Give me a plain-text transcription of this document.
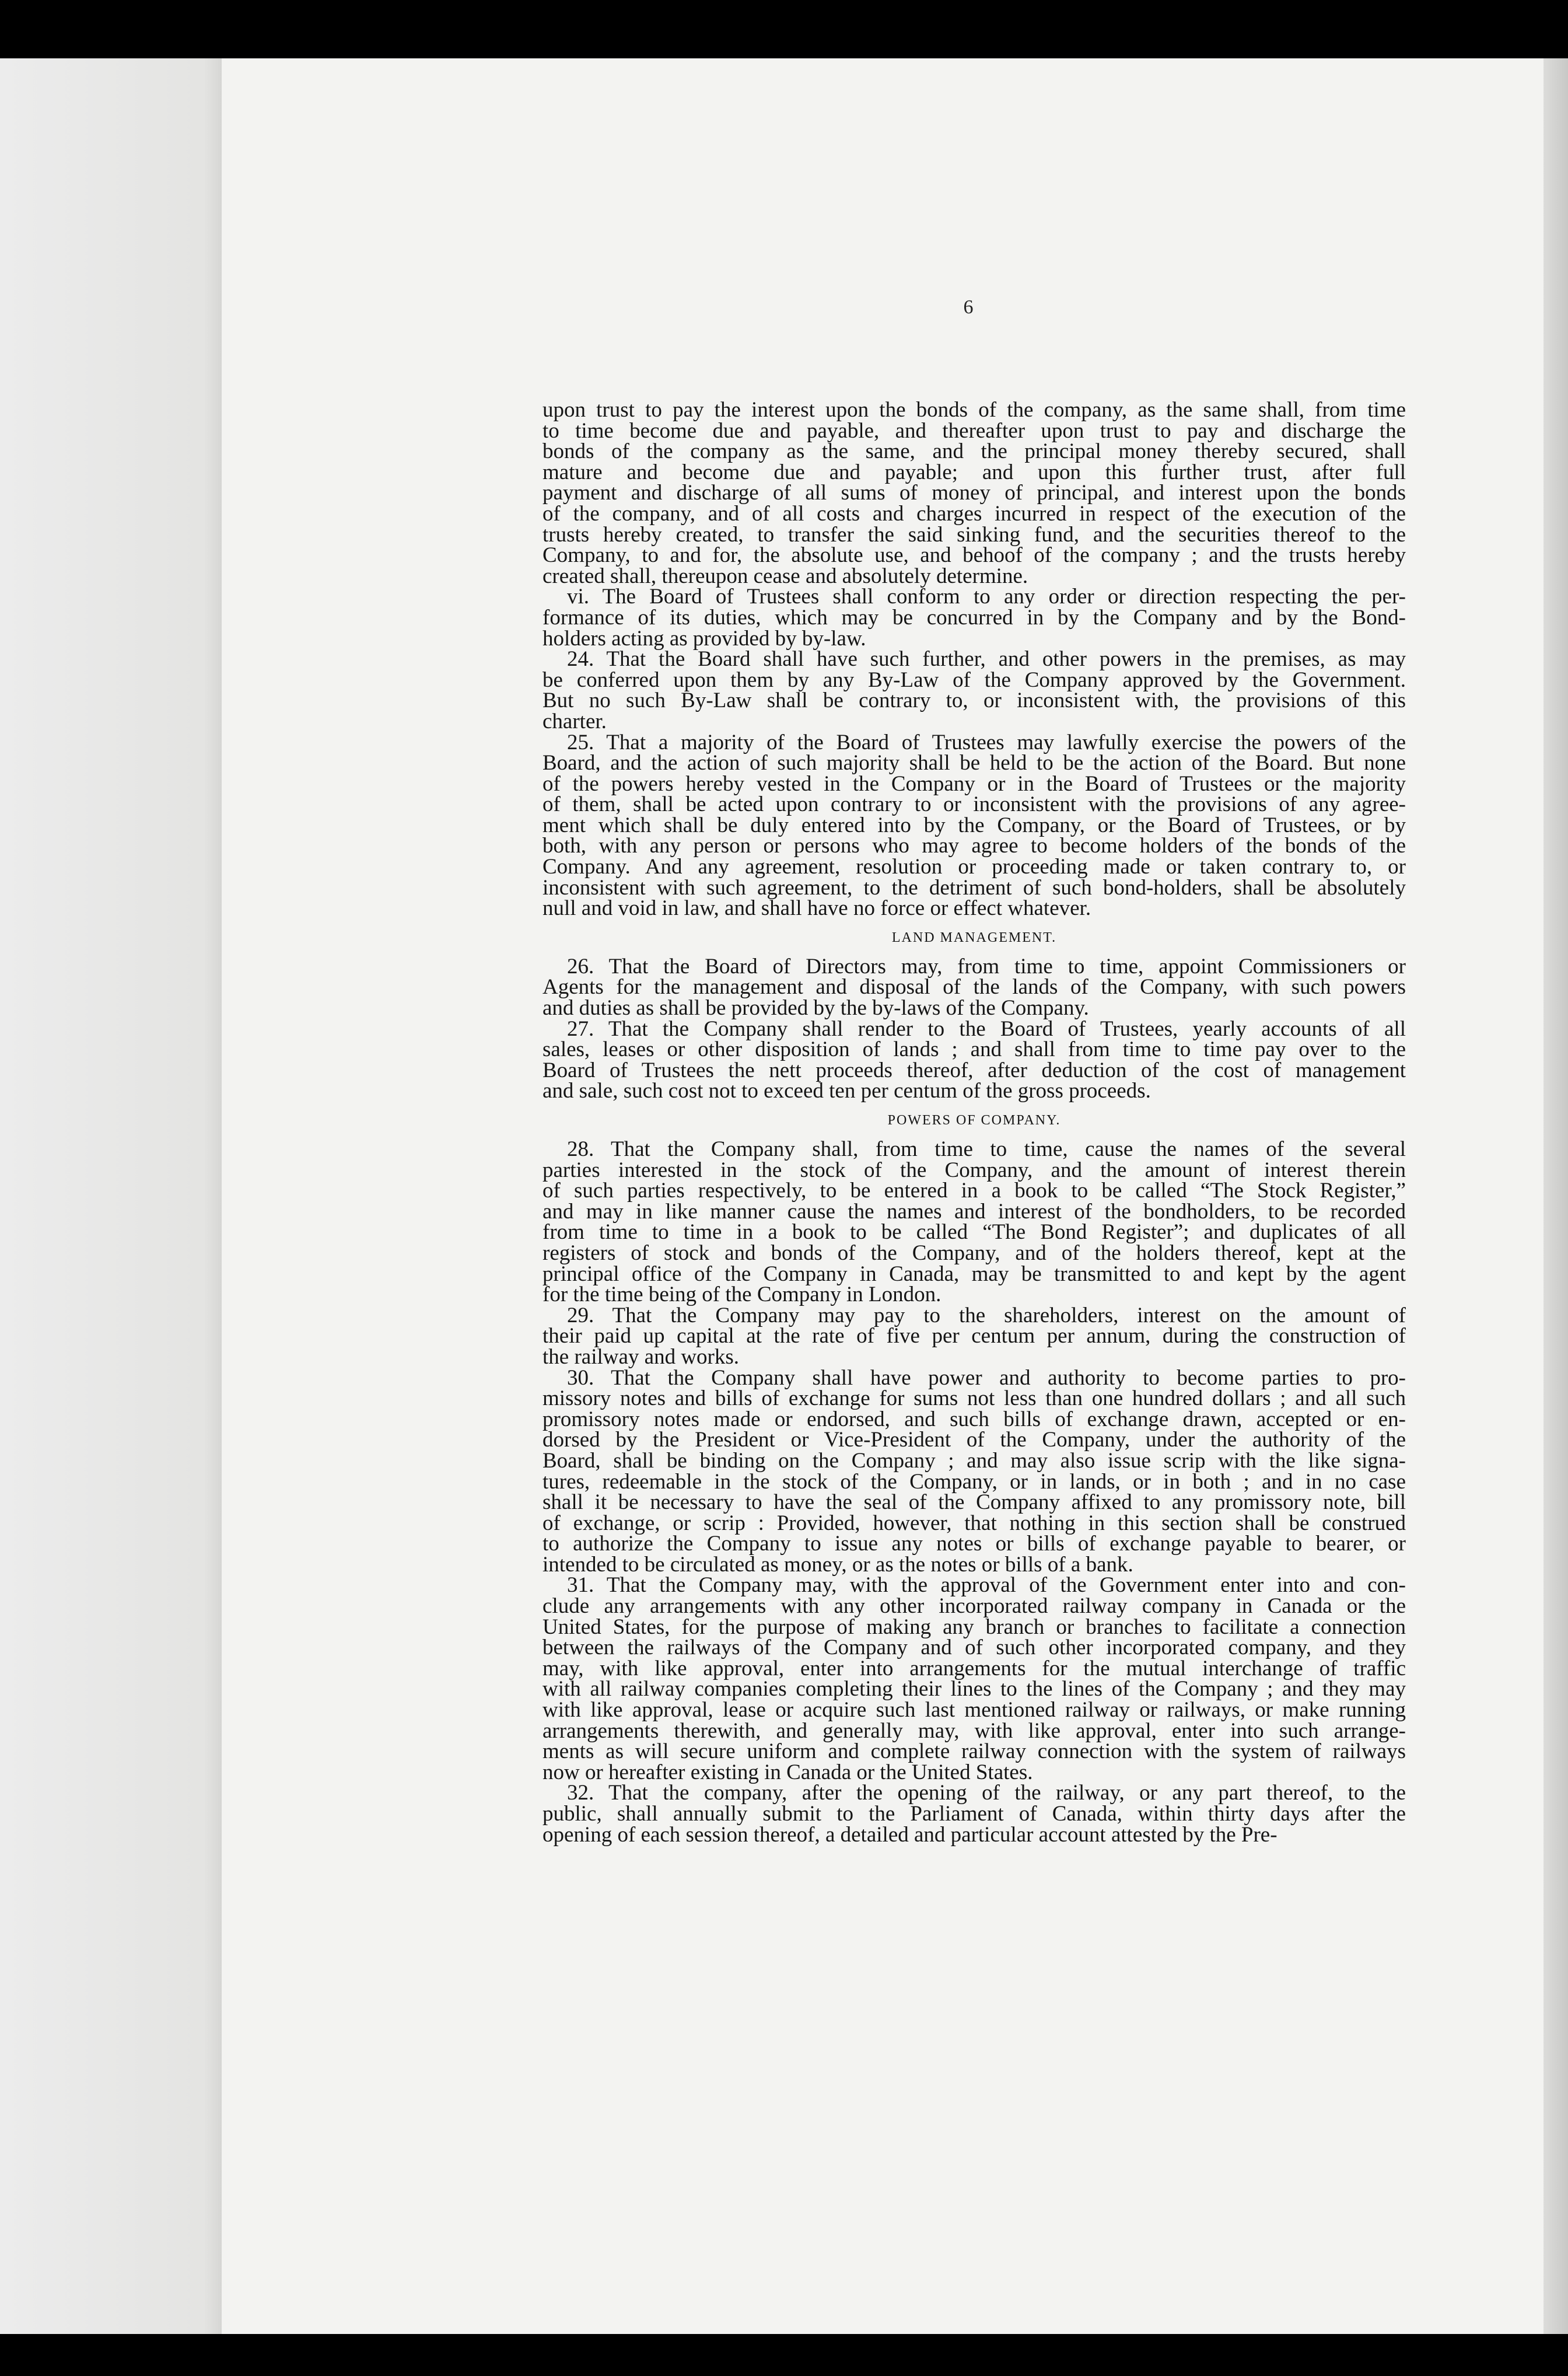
6

upon trust to pay the interest upon the bonds of the company, as the same shall, from time

to time become due and payable, and thereafter upon trust to pay and discharge the

bonds of the company as the same, and the principal money thereby secured, shall

mature and become due and payable; and upon this further trust, after full

payment and discharge of all sums of money of principal, and interest upon the bonds

of the company, and of all costs and charges incurred in respect of the execution of the

trusts hereby created, to transfer the said sinking fund, and the securities thereof to the

Company, to and for, the absolute use, and behoof of the company ; and the trusts hereby

created shall, thereupon cease and absolutely determine.

vi. The Board of Trustees shall conform to any order or direction respecting the per-

formance of its duties, which may be concurred in by the Company and by the Bond-

holders acting as provided by by-law.

24. That the Board shall have such further, and other powers in the premises, as may

be conferred upon them by any By-Law of the Company approved by the Government.

But no such By-Law shall be contrary to, or inconsistent with, the provisions of this

charter.

25. That a majority of the Board of Trustees may lawfully exercise the powers of the

Board, and the action of such majority shall be held to be the action of the Board. But none

of the powers hereby vested in the Company or in the Board of Trustees or the majority

of them, shall be acted upon contrary to or inconsistent with the provisions of any agree-

ment which shall be duly entered into by the Company, or the Board of Trustees, or by

both, with any person or persons who may agree to become holders of the bonds of the

Company. And any agreement, resolution or proceeding made or taken contrary to, or

inconsistent with such agreement, to the detriment of such bond-holders, shall be absolutely

null and void in law, and shall have no force or effect whatever.

LAND MANAGEMENT.

26. That the Board of Directors may, from time to time, appoint Commissioners or

Agents for the management and disposal of the lands of the Company, with such powers

and duties as shall be provided by the by-laws of the Company.

27. That the Company shall render to the Board of Trustees, yearly accounts of all

sales, leases or other disposition of lands ; and shall from time to time pay over to the

Board of Trustees the nett proceeds thereof, after deduction of the cost of management

and sale, such cost not to exceed ten per centum of the gross proceeds.

POWERS OF COMPANY.

28. That the Company shall, from time to time, cause the names of the several

parties interested in the stock of the Company, and the amount of interest therein

of such parties respectively, to be entered in a book to be called “The Stock Register,”

and may in like manner cause the names and interest of the bondholders, to be recorded

from time to time in a book to be called “The Bond Register”; and duplicates of all

registers of stock and bonds of the Company, and of the holders thereof, kept at the

principal office of the Company in Canada, may be transmitted to and kept by the agent

for the time being of the Company in London.

29. That the Company may pay to the shareholders, interest on the amount of

their paid up capital at the rate of five per centum per annum, during the construction of

the railway and works.

30. That the Company shall have power and authority to become parties to pro-

missory notes and bills of exchange for sums not less than one hundred dollars ; and all such

promissory notes made or endorsed, and such bills of exchange drawn, accepted or en-

dorsed by the President or Vice-President of the Company, under the authority of the

Board, shall be binding on the Company ; and may also issue scrip with the like signa-

tures, redeemable in the stock of the Company, or in lands, or in both ; and in no case

shall it be necessary to have the seal of the Company affixed to any promissory note, bill

of exchange, or scrip : Provided, however, that nothing in this section shall be construed

to authorize the Company to issue any notes or bills of exchange payable to bearer, or

intended to be circulated as money, or as the notes or bills of a bank.

31. That the Company may, with the approval of the Government enter into and con-

clude any arrangements with any other incorporated railway company in Canada or the

United States, for the purpose of making any branch or branches to facilitate a connection

between the railways of the Company and of such other incorporated company, and they

may, with like approval, enter into arrangements for the mutual interchange of traffic

with all railway companies completing their lines to the lines of the Company ; and they may

with like approval, lease or acquire such last mentioned railway or railways, or make running

arrangements therewith, and generally may, with like approval, enter into such arrange-

ments as will secure uniform and complete railway connection with the system of railways

now or hereafter existing in Canada or the United States.

32. That the company, after the opening of the railway, or any part thereof, to the

public, shall annually submit to the Parliament of Canada, within thirty days after the

opening of each session thereof, a detailed and particular account attested by the Pre-
